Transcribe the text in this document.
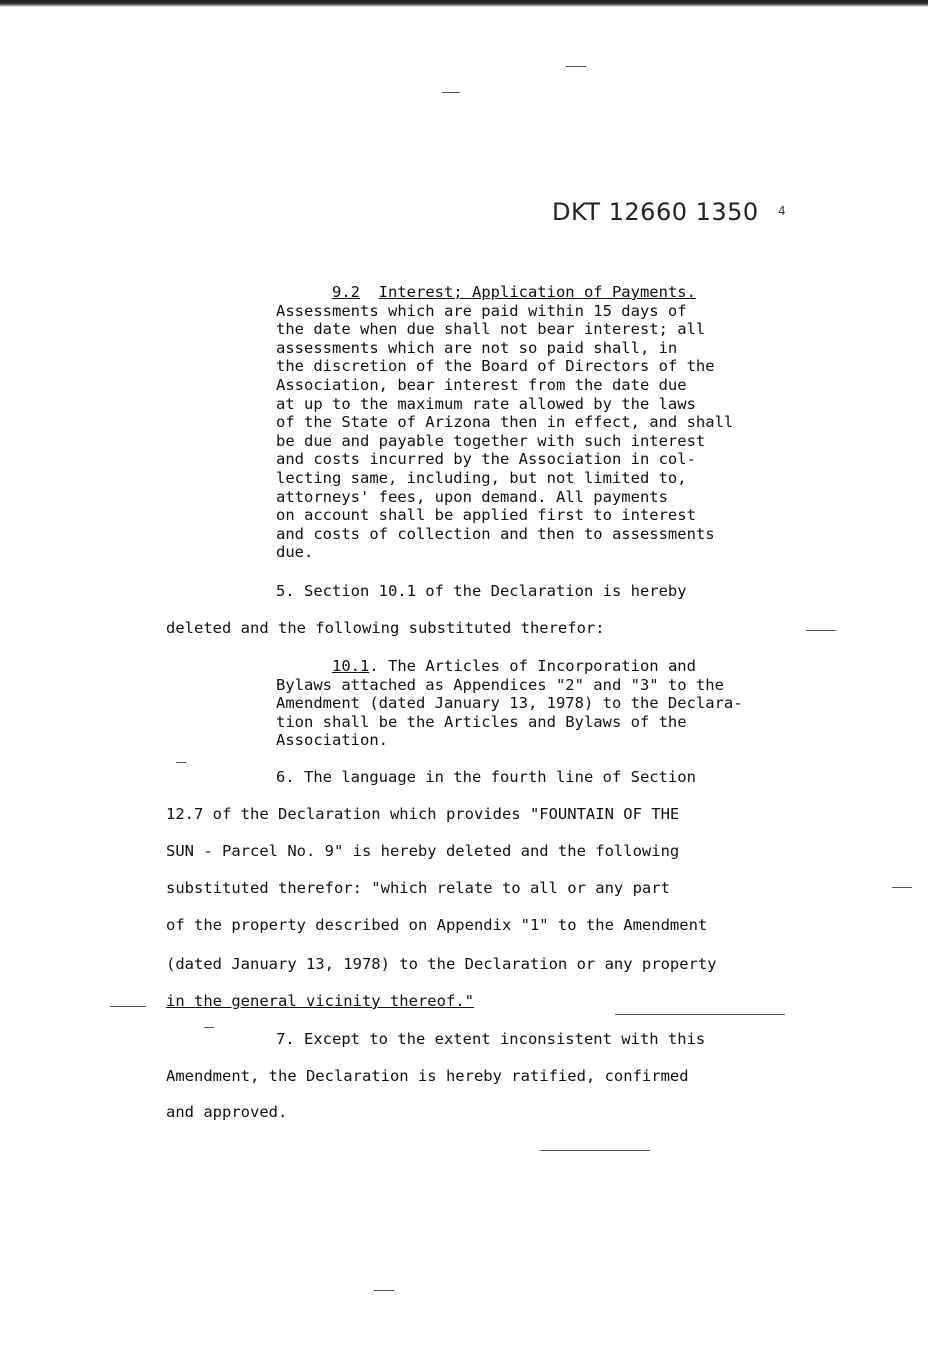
DKT 12660 1350 4
9.2 Interest; Application of Payments.
Assessments which are paid within 15 days of
the date when due shall not bear interest; all
assessments which are not so paid shall, in
the discretion of the Board of Directors of the
Association, bear interest from the date due
at up to the maximum rate allowed by the laws
of the State of Arizona then in effect, and shall
be due and payable together with such interest
and costs incurred by the Association in col-
lecting same, including, but not limited to,
attorneys' fees, upon demand. All payments
on account shall be applied first to interest
and costs of collection and then to assessments
due.
5. Section 10.1 of the Declaration is hereby
deleted and the following substituted therefor:
10.1. The Articles of Incorporation and
Bylaws attached as Appendices "2" and "3" to the
Amendment (dated January 13, 1978) to the Declara-
tion shall be the Articles and Bylaws of the
Association.
6. The language in the fourth line of Section
12.7 of the Declaration which provides "FOUNTAIN OF THE
SUN - Parcel No. 9" is hereby deleted and the following
substituted therefor: "which relate to all or any part
of the property described on Appendix "1" to the Amendment
(dated January 13, 1978) to the Declaration or any property
in the general vicinity thereof."
7. Except to the extent inconsistent with this
Amendment, the Declaration is hereby ratified, confirmed
and approved.
